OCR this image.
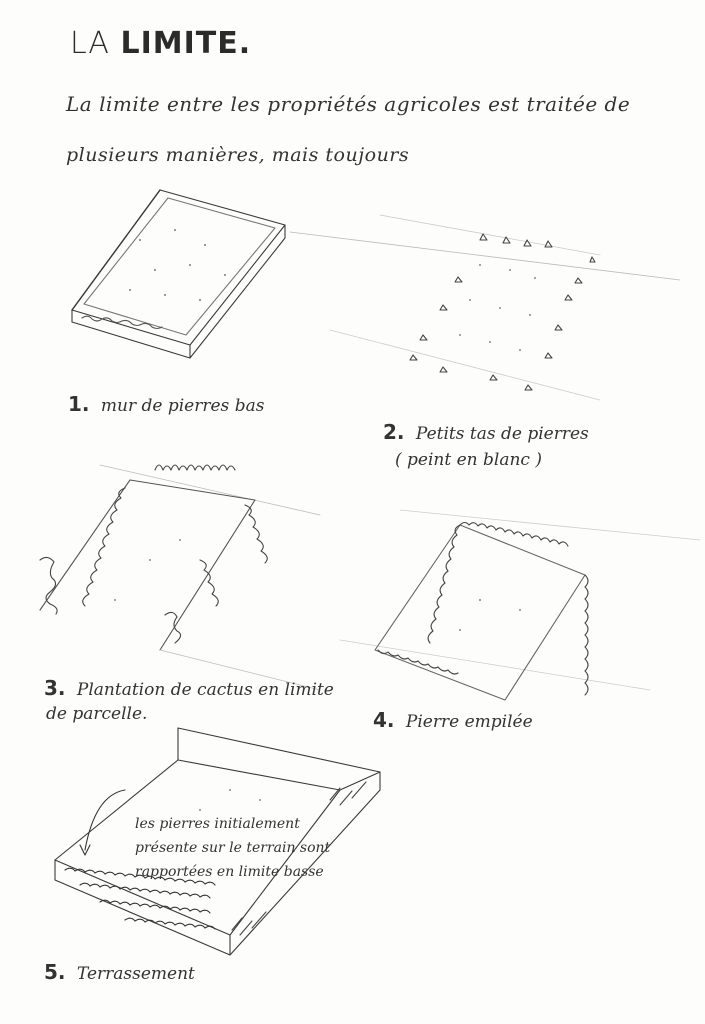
LA LIMITE.
La limite entre les propriétés agricoles est traitée de
plusieurs manières, mais toujours
1. mur de pierres bas
2. Petits tas de pierres
( peint en blanc )
3. Plantation de cactus en limite
de parcelle.	4. Pierre empilée
5. Terrassement
les pierres initialement
présente sur le terrain sont
rapportées en limite basse
